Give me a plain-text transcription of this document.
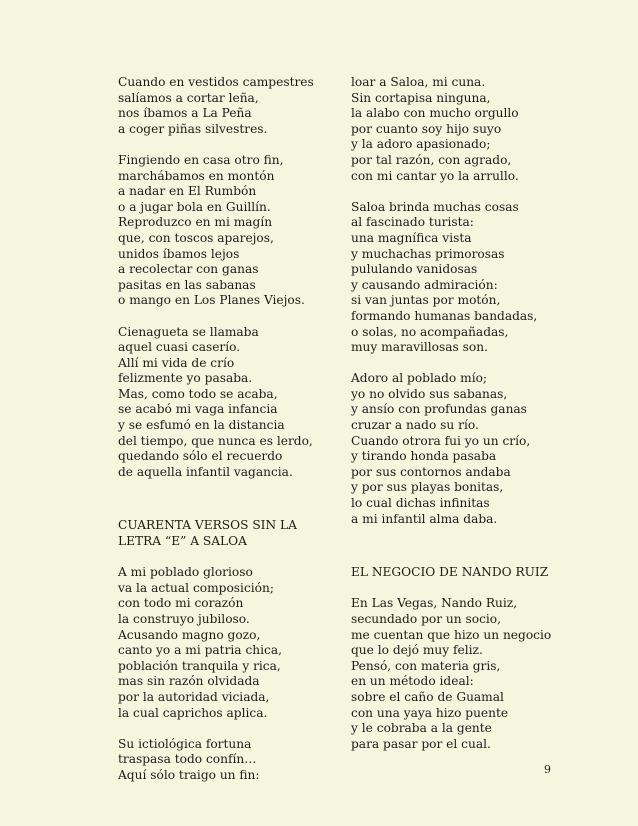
Cuando en vestidos campestres
salíamos a cortar leña,
nos íbamos a La Peña
a coger piñas silvestres.
Fingiendo en casa otro fin,
marchábamos en montón
a nadar en El Rumbón
o a jugar bola en Guillín.
Reproduzco en mi magín
que, con toscos aparejos,
unidos íbamos lejos
a recolectar con ganas
pasitas en las sabanas
o mango en Los Planes Viejos.
Cienagueta se llamaba
aquel cuasi caserío.
Allí mi vida de crío
felizmente yo pasaba.
Mas, como todo se acaba,
se acabó mi vaga infancia
y se esfumó en la distancia
del tiempo, que nunca es lerdo,
quedando sólo el recuerdo
de aquella infantil vagancia.
CUARENTA VERSOS SIN LA
LETRA “E” A SALOA
A mi poblado glorioso
va la actual composición;
con todo mi corazón
la construyo jubiloso.
Acusando magno gozo,
canto yo a mi patria chica,
población tranquila y rica,
mas sin razón olvidada
por la autoridad viciada,
la cual caprichos aplica.
Su ictiológica fortuna
traspasa todo confín…
Aquí sólo traigo un fin:
loar a Saloa, mi cuna.
Sin cortapisa ninguna,
la alabo con mucho orgullo
por cuanto soy hijo suyo
y la adoro apasionado;
por tal razón, con agrado,
con mi cantar yo la arrullo.
Saloa brinda muchas cosas
al fascinado turista:
una magnífica vista
y muchachas primorosas
pululando vanidosas
y causando admiración:
si van juntas por motón,
formando humanas bandadas,
o solas, no acompañadas,
muy maravillosas son.
Adoro al poblado mío;
yo no olvido sus sabanas,
y ansío con profundas ganas
cruzar a nado su río.
Cuando otrora fui yo un crío,
y tirando honda pasaba
por sus contornos andaba
y por sus playas bonitas,
lo cual dichas infinitas
a mi infantil alma daba.
EL NEGOCIO DE NANDO RUIZ
En Las Vegas, Nando Ruiz,
secundado por un socio,
me cuentan que hizo un negocio
que lo dejó muy feliz.
Pensó, con materia gris,
en un método ideal:
sobre el caño de Guamal
con una yaya hizo puente
y le cobraba a la gente
para pasar por el cual.
9
